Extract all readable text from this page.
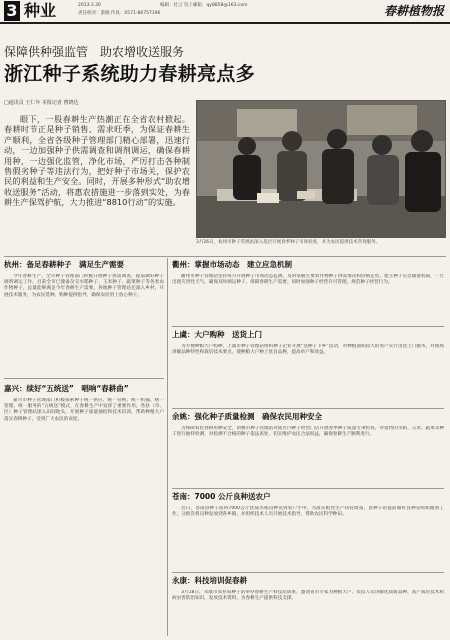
3 种业	2013.3.30
责任校对：萧晓 传真：0571-86757196
编辑：付云 电子邮箱：qy8858@163.com	春耕植物报
保障供种强监管　助农增收送服务
浙江种子系统助力春耕亮点多
□通讯员 王仁年 本报记者 曹晓达
眼下，一股春耕生产热潮正在全省农村掀起。春耕时节正是种子销售、需求旺季，为保证春耕生产顺利，全省各级种子管理部门精心部署，迅速行动，一边加强种子供需调查和调剂调运，确保春耕用种，一边强化监管，净化市场，严厉打击各种制售假劣种子等违法行为，把好种子市场关，保护农民的利益和生产安全。同时，开展多种形式“助农增收送服务”活动，将惠农措施进一步落到实处，为春耕生产保驾护航，大力推进“8810行动”的实施。
3月26日，杭州市种子管理站深入基层开展春季种子市场检查，并为农民提供技术咨询服务。
杭州：备足春耕种子　满足生产需要
今年春耕生产，全市种子管理部门积极开展种子供需调查，提前做好种子调剂调运工作。目前全市已储备杂交水稻种子、玉米种子、蔬菜种子等各类农作物种子，总量能够满足今年春耕生产需要。各地种子管理站还深入乡村，开展技术服务，为农民选种、购种提供指导，确保农民用上放心种子。
嘉兴：续好“五统送”　唱响“春耕曲”
嘉兴市种子管理部门积极探索种子统一供应、统一育秧、统一机插、统一管理、统一服务的“五统送”模式，在春耕生产中发挥了重要作用。各县（市、区）种子管理站深入田间地头，开展种子质量抽检和技术培训，帮助种粮大户落实春耕种子，受到广大农民的欢迎。
衢州：掌握市场动态　建立应急机制
衢州市种子管理站坚持每月开展种子市场动态监测，及时掌握主要农作物种子供需情况和价格走势，建立种子应急储备机制，一旦出现灾害性天气，确保及时调运种子，保障春耕生产需要。同时加强种子经营许可管理，规范种子经营行为。
上虞：大户购种　送货上门
为方便种粮大户购种，上虞市种子管理站组织种子企业开展“送种子下乡”活动，对种植面积较大的农户实行送货上门服务，并现场讲解品种特性和栽培技术要点，使种粮大户种上优良品种，提高单产和效益。
余姚：强化种子质量检测　确保农民用种安全
为保障农民春耕用种安全，余姚市种子管理站对辖区内种子经营门店开展春季种子质量专项检查，对销售的水稻、玉米、蔬菜等种子进行抽样检测，对检测不合格的种子依法查处，切实维护农民合法权益，确保春耕生产顺利进行。
苍南：7000 公斤良种送农户
近日，苍南县种子站将7000公斤优质水稻良种送到农户手中。为落实粮食生产扶持政策，县种子站提前做好良种采购和储备工作，分批次将良种发放到各乡镇，并组织技术人员开展技术指导，帮助农民科学种田。
永康：科技培训促春耕
3月18日，永康市农业局种子站举办春耕生产科技培训班，邀请省市专家为种粮大户、农技人员讲解优质新品种、高产栽培技术和病虫害防治知识，发放技术资料，为春耕生产提供科技支撑。
